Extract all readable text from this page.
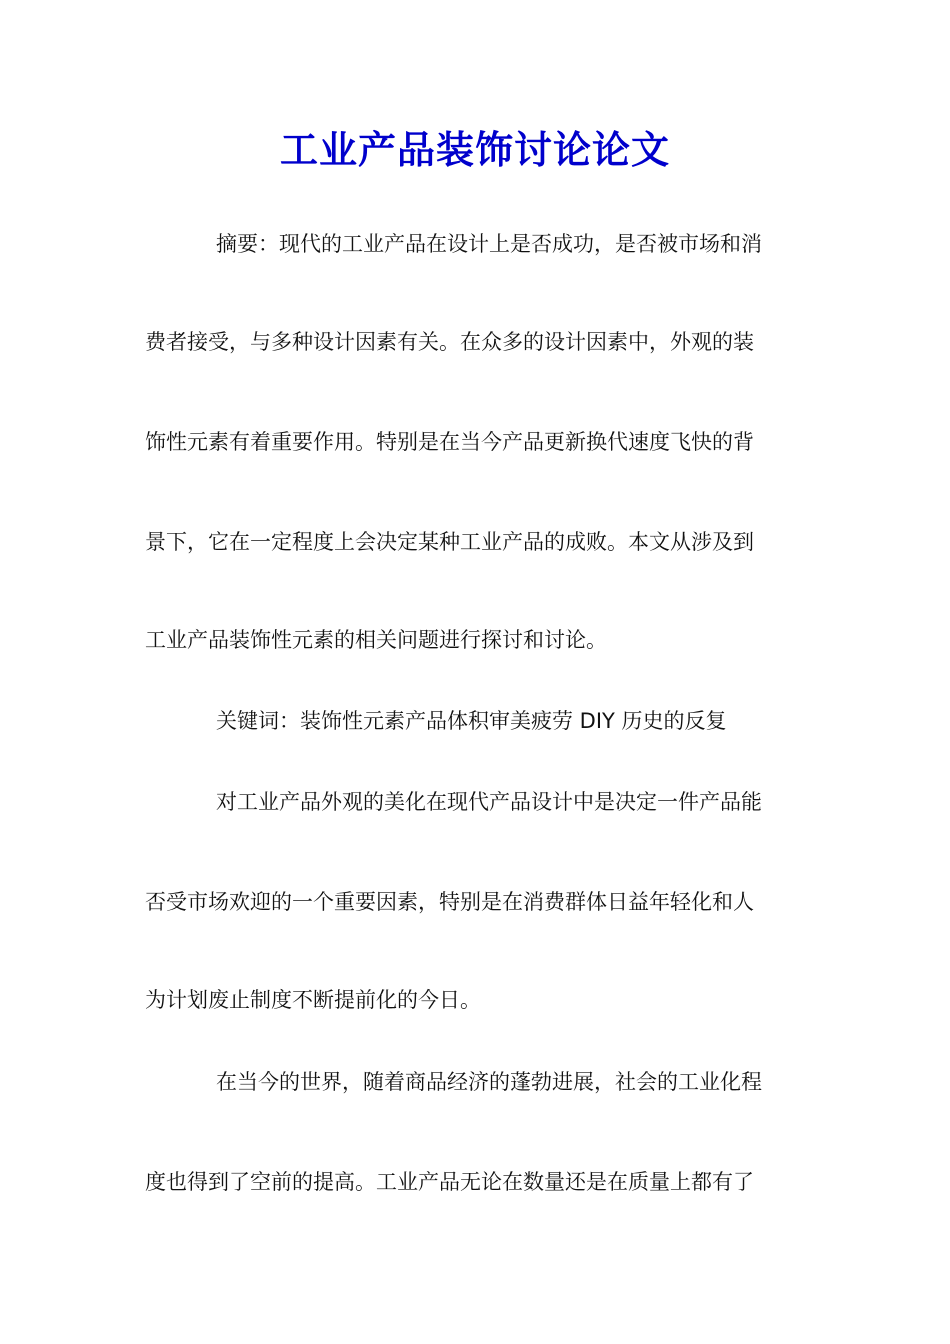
工业产品装饰讨论论文
摘要：现代的工业产品在设计上是否成功，是否被市场和消
费者接受，与多种设计因素有关。在众多的设计因素中，外观的装
饰性元素有着重要作用。特别是在当今产品更新换代速度飞快的背
景下，它在一定程度上会决定某种工业产品的成败。本文从涉及到
工业产品装饰性元素的相关问题进行探讨和讨论。
关键词：装饰性元素产品体积审美疲劳 DIY 历史的反复
对工业产品外观的美化在现代产品设计中是决定一件产品能
否受市场欢迎的一个重要因素，特别是在消费群体日益年轻化和人
为计划废止制度不断提前化的今日。
在当今的世界，随着商品经济的蓬勃进展，社会的工业化程
度也得到了空前的提高。工业产品无论在数量还是在质量上都有了
